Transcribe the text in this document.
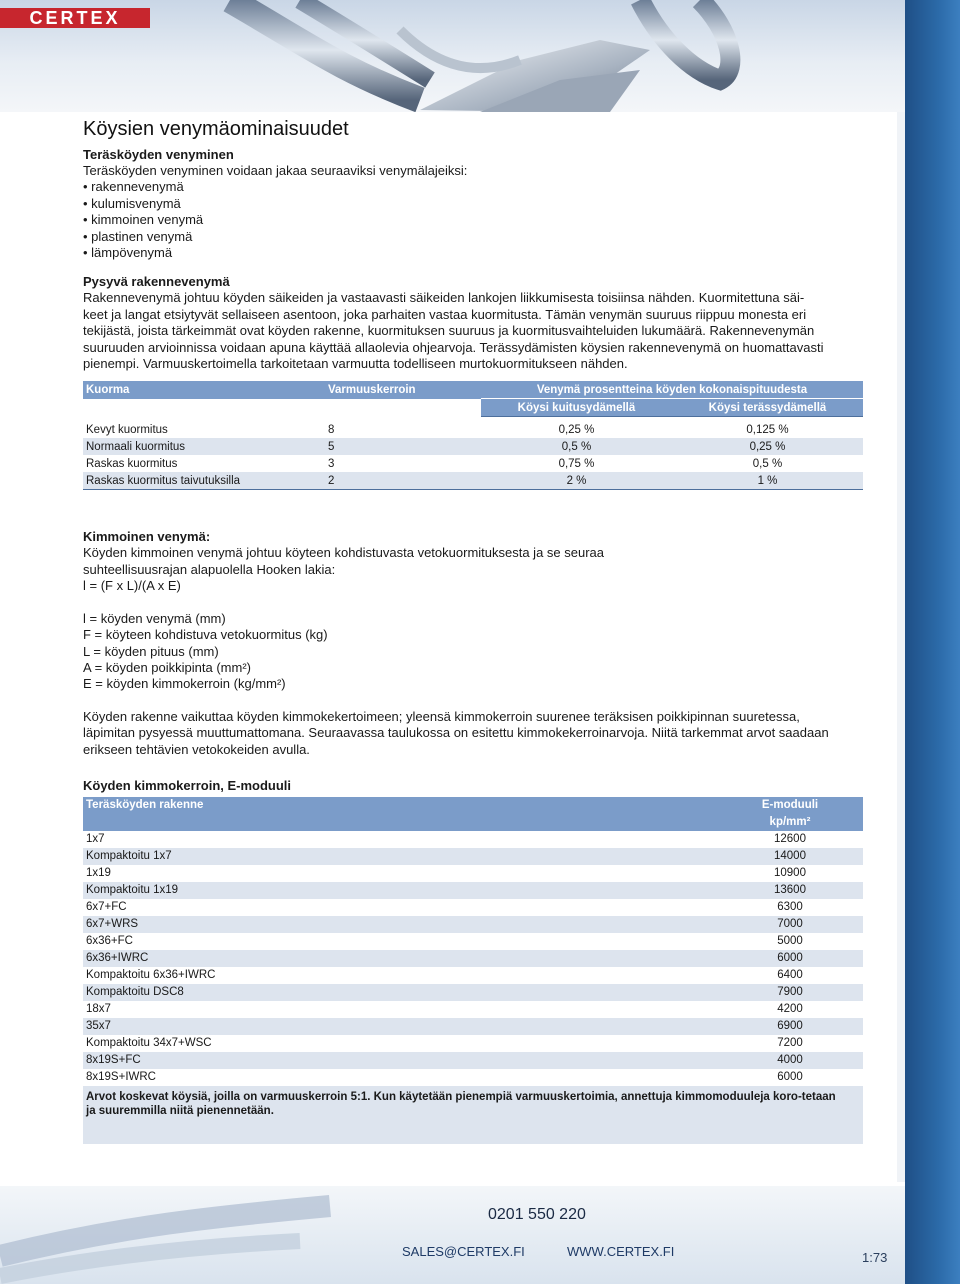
CERTEX
Köysien venymäominaisuudet
Teräsköyden venyminen

Teräsköyden venyminen voidaan jakaa seuraaviksi venymälajeiksi:

• rakennevenymä
• kulumisvenymä
• kimmoinen venymä
• plastinen venymä
• lämpövenymä
Pysyvä rakennevenymä

Rakennevenymä johtuu köyden säikeiden ja vastaavasti säikeiden lankojen liikkumisesta toisiinsa nähden. Kuormitettuna säi-

keet ja langat etsiytyvät sellaiseen asentoon, joka parhaiten vastaa kuormitusta. Tämän venymän suuruus riippuu monesta eri

tekijästä, joista tärkeimmät ovat köyden rakenne, kuormituksen suuruus ja kuormitusvaihteluiden lukumäärä. Rakennevenymän

suuruuden arvioinnissa voidaan apuna käyttää allaolevia ohjearvoja. Terässydämisten köysien rakennevenymä on huomattavasti

pienempi. Varmuuskertoimella tarkoitetaan varmuutta todelliseen murtokuormitukseen nähden.

Kuorma	Varmuuskerroin	Venymä prosentteina köyden kokonaispituudesta	
		Köysi kuitusydämellä	Köysi terässydämellä

Kevyt kuormitus	8	0,25 %	0,125 %
Normaali kuormitus	5	0,5 %	0,25 %
Raskas kuormitus	3	0,75 %	0,5 %
Raskas kuormitus taivutuksilla	2	2 %	1 %
Kimmoinen venymä:

Köyden kimmoinen venymä johtuu köyteen kohdistuvasta vetokuormituksesta ja se seuraa

suhteellisuusrajan alapuolella Hooken lakia:

l = (F x L)/(A x E)

l = köyden venymä (mm)

F = köyteen kohdistuva vetokuormitus (kg)

L = köyden pituus (mm)

A = köyden poikkipinta (mm²)

E = köyden kimmokerroin (kg/mm²)

Köyden rakenne vaikuttaa köyden kimmokekertoimeen; yleensä kimmokerroin suurenee teräksisen poikkipinnan suuretessa,

läpimitan pysyessä muuttumattomana. Seuraavassa taulukossa on esitettu kimmokekerroinarvoja. Niitä tarkemmat arvot saadaan

erikseen tehtävien vetokokeiden avulla.

Köyden kimmokerroin, E-moduuli
Teräsköyden rakenne	E-moduuli
	kp/mm²
1x7	12600
Kompaktoitu 1x7	14000
1x19	10900
Kompaktoitu 1x19	13600
6x7+FC	6300
6x7+WRS	7000
6x36+FC	5000
6x36+IWRC	6000
Kompaktoitu 6x36+IWRC	6400
Kompaktoitu DSC8	7900
18x7	4200
35x7	6900
Kompaktoitu 34x7+WSC	7200
8x19S+FC	4000
8x19S+IWRC	6000
Arvot koskevat köysiä, joilla on varmuuskerroin 5:1. Kun käytetään pienempiä varmuuskertoimia, annettuja kimmomoduuleja koro-tetaan ja suuremmilla niitä pienennetään.	
0201 550 220
SALES@CERTEX.FI	WWW.CERTEX.FI	1:73
